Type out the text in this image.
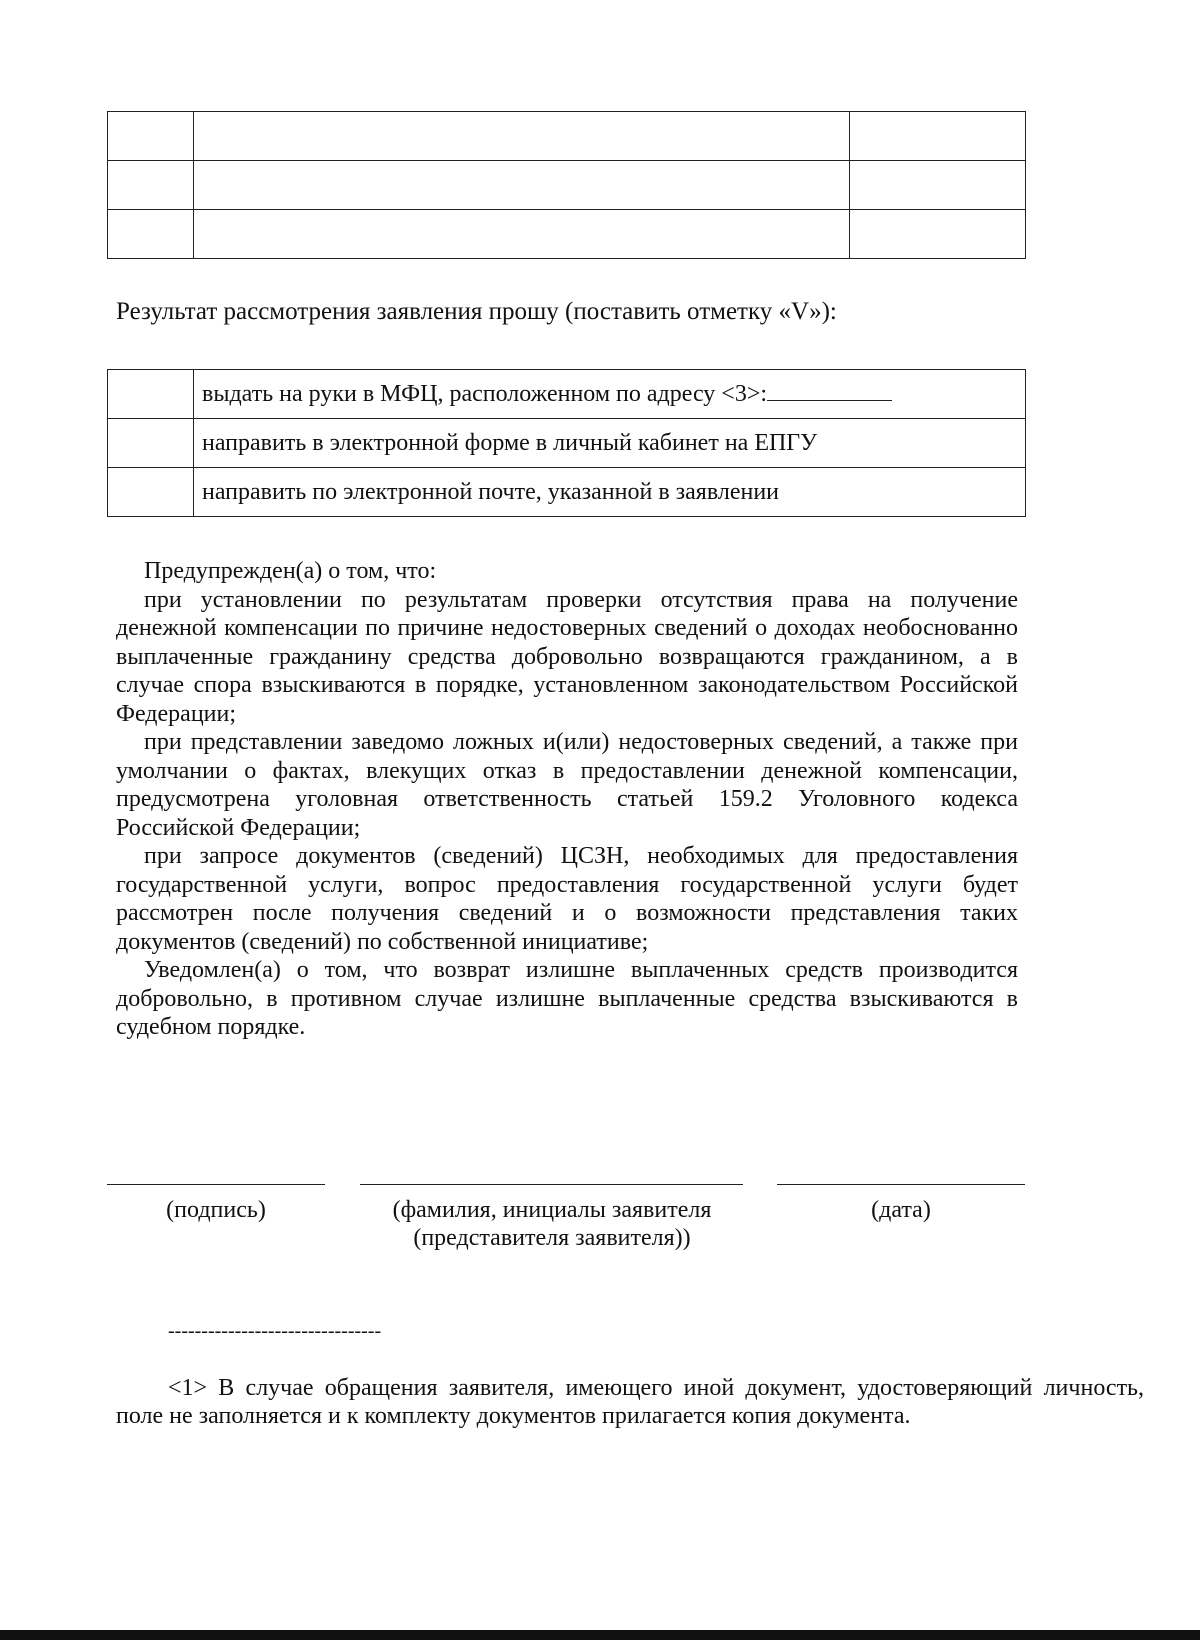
Результат рассмотрения заявления прошу (поставить отметку «V»):
	выдать на руки в МФЦ, расположенном по адресу <3>:
	направить в электронной форме в личный кабинет на ЕПГУ
	направить по электронной почте, указанной в заявлении

Предупрежден(а) о том, что:

при установлении по результатам проверки отсутствия права на получение денежной компенсации по причине недостоверных сведений о доходах необоснованно выплаченные гражданину средства добровольно возвращаются гражданином, а в случае спора взыскиваются в порядке, установленном законодательством Российской Федерации;

при представлении заведомо ложных и(или) недостоверных сведений, а также при умолчании о фактах, влекущих отказ в предоставлении денежной компенсации, предусмотрена уголовная ответственность статьей 159.2 Уголовного кодекса Российской Федерации;

при запросе документов (сведений) ЦСЗН, необходимых для предоставления государственной услуги, вопрос предоставления государственной услуги будет рассмотрен после получения сведений и о возможности представления таких документов (сведений) по собственной инициативе;

Уведомлен(а) о том, что возврат излишне выплаченных средств производится добровольно, в противном случае излишне выплаченные средства взыскиваются в судебном порядке.

(подпись)	(фамилия, инициалы заявителя (представителя заявителя))
(дата)
--------------------------------
<1> В случае обращения заявителя, имеющего иной документ, удостоверяющий личность, поле не заполняется и к комплекту документов прилагается копия документа.
